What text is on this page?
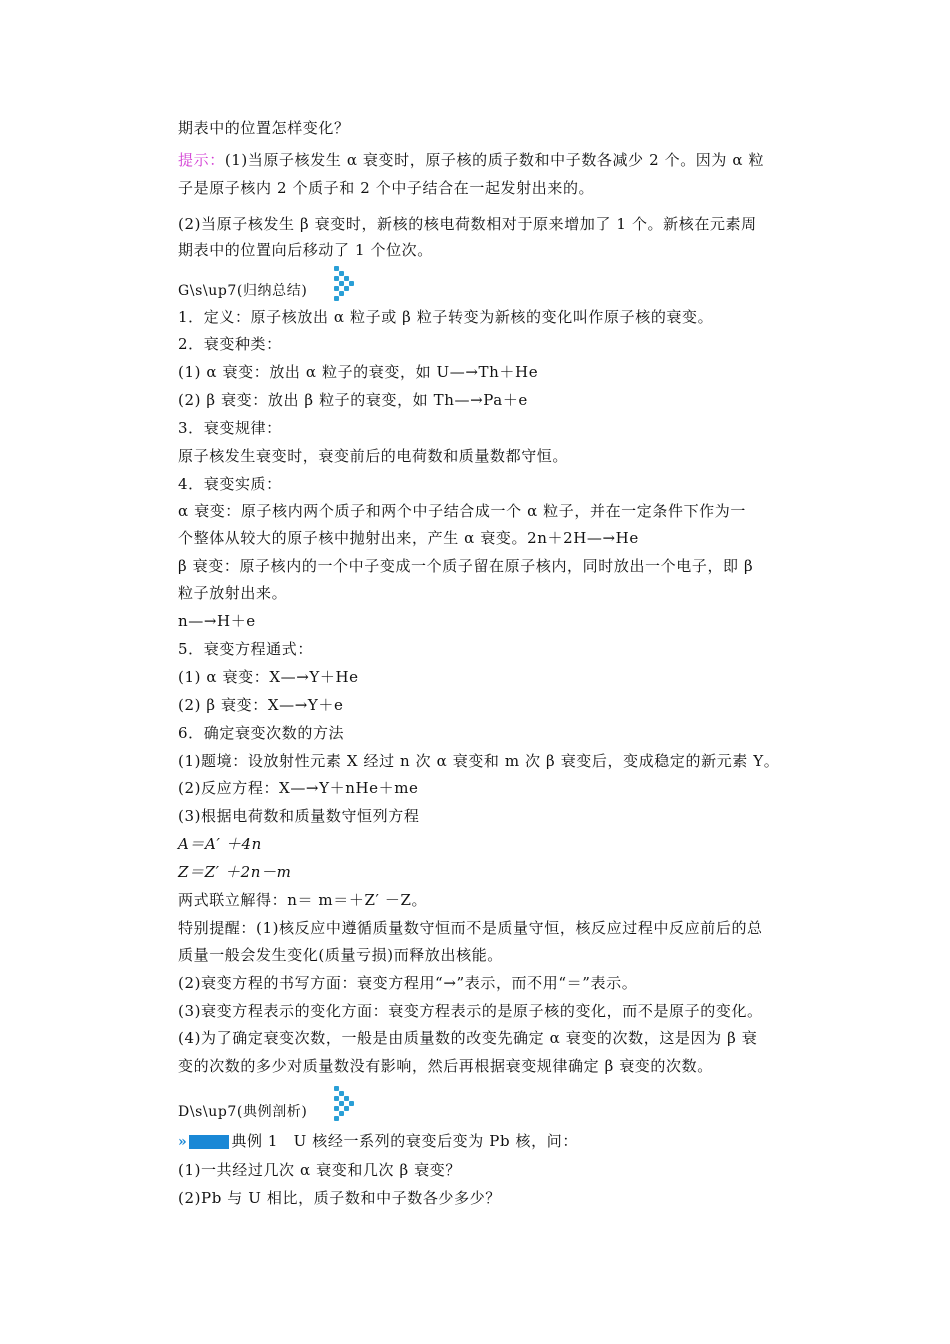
期表中的位置怎样变化？
提示：(1)当原子核发生 α 衰变时，原子核的质子数和中子数各减少 2 个。因为 α 粒
子是原子核内 2 个质子和 2 个中子结合在一起发射出来的。
(2)当原子核发生 β 衰变时，新核的核电荷数相对于原来增加了 1 个。新核在元素周
期表中的位置向后移动了 1 个位次。
G\s\up7(归纳总结)
1．定义：原子核放出 α 粒子或 β 粒子转变为新核的变化叫作原子核的衰变。
2．衰变种类：
(1) α 衰变：放出 α 粒子的衰变，如 U—→Th＋He
(2) β 衰变：放出 β 粒子的衰变，如 Th—→Pa＋e
3．衰变规律：
原子核发生衰变时，衰变前后的电荷数和质量数都守恒。
4．衰变实质：
α 衰变：原子核内两个质子和两个中子结合成一个 α 粒子，并在一定条件下作为一
个整体从较大的原子核中抛射出来，产生 α 衰变。2n＋2H—→He
β 衰变：原子核内的一个中子变成一个质子留在原子核内，同时放出一个电子，即 β
粒子放射出来。
n—→H＋e
5．衰变方程通式：
(1) α 衰变：X—→Y＋He
(2) β 衰变：X—→Y＋e
6．确定衰变次数的方法
(1)题境：设放射性元素 X 经过 n 次 α 衰变和 m 次 β 衰变后，变成稳定的新元素 Y。
(2)反应方程：X—→Y＋nHe＋me
(3)根据电荷数和质量数守恒列方程
A＝A′ ＋4n
Z＝Z′ ＋2n－m
两式联立解得：n＝ m＝＋Z′ －Z。
特别提醒：(1)核反应中遵循质量数守恒而不是质量守恒，核反应过程中反应前后的总
质量一般会发生变化(质量亏损)而释放出核能。
(2)衰变方程的书写方面：衰变方程用“→”表示，而不用“＝”表示。
(3)衰变方程表示的变化方面：衰变方程表示的是原子核的变化，而不是原子的变化。
(4)为了确定衰变次数，一般是由质量数的改变先确定 α 衰变的次数，这是因为 β 衰
变的次数的多少对质量数没有影响，然后再根据衰变规律确定 β 衰变的次数。
D\s\up7(典例剖析)
»	典例 1　U 核经一系列的衰变后变为 Pb 核，问：
(1)一共经过几次 α 衰变和几次 β 衰变？
(2)Pb 与 U 相比，质子数和中子数各少多少？
